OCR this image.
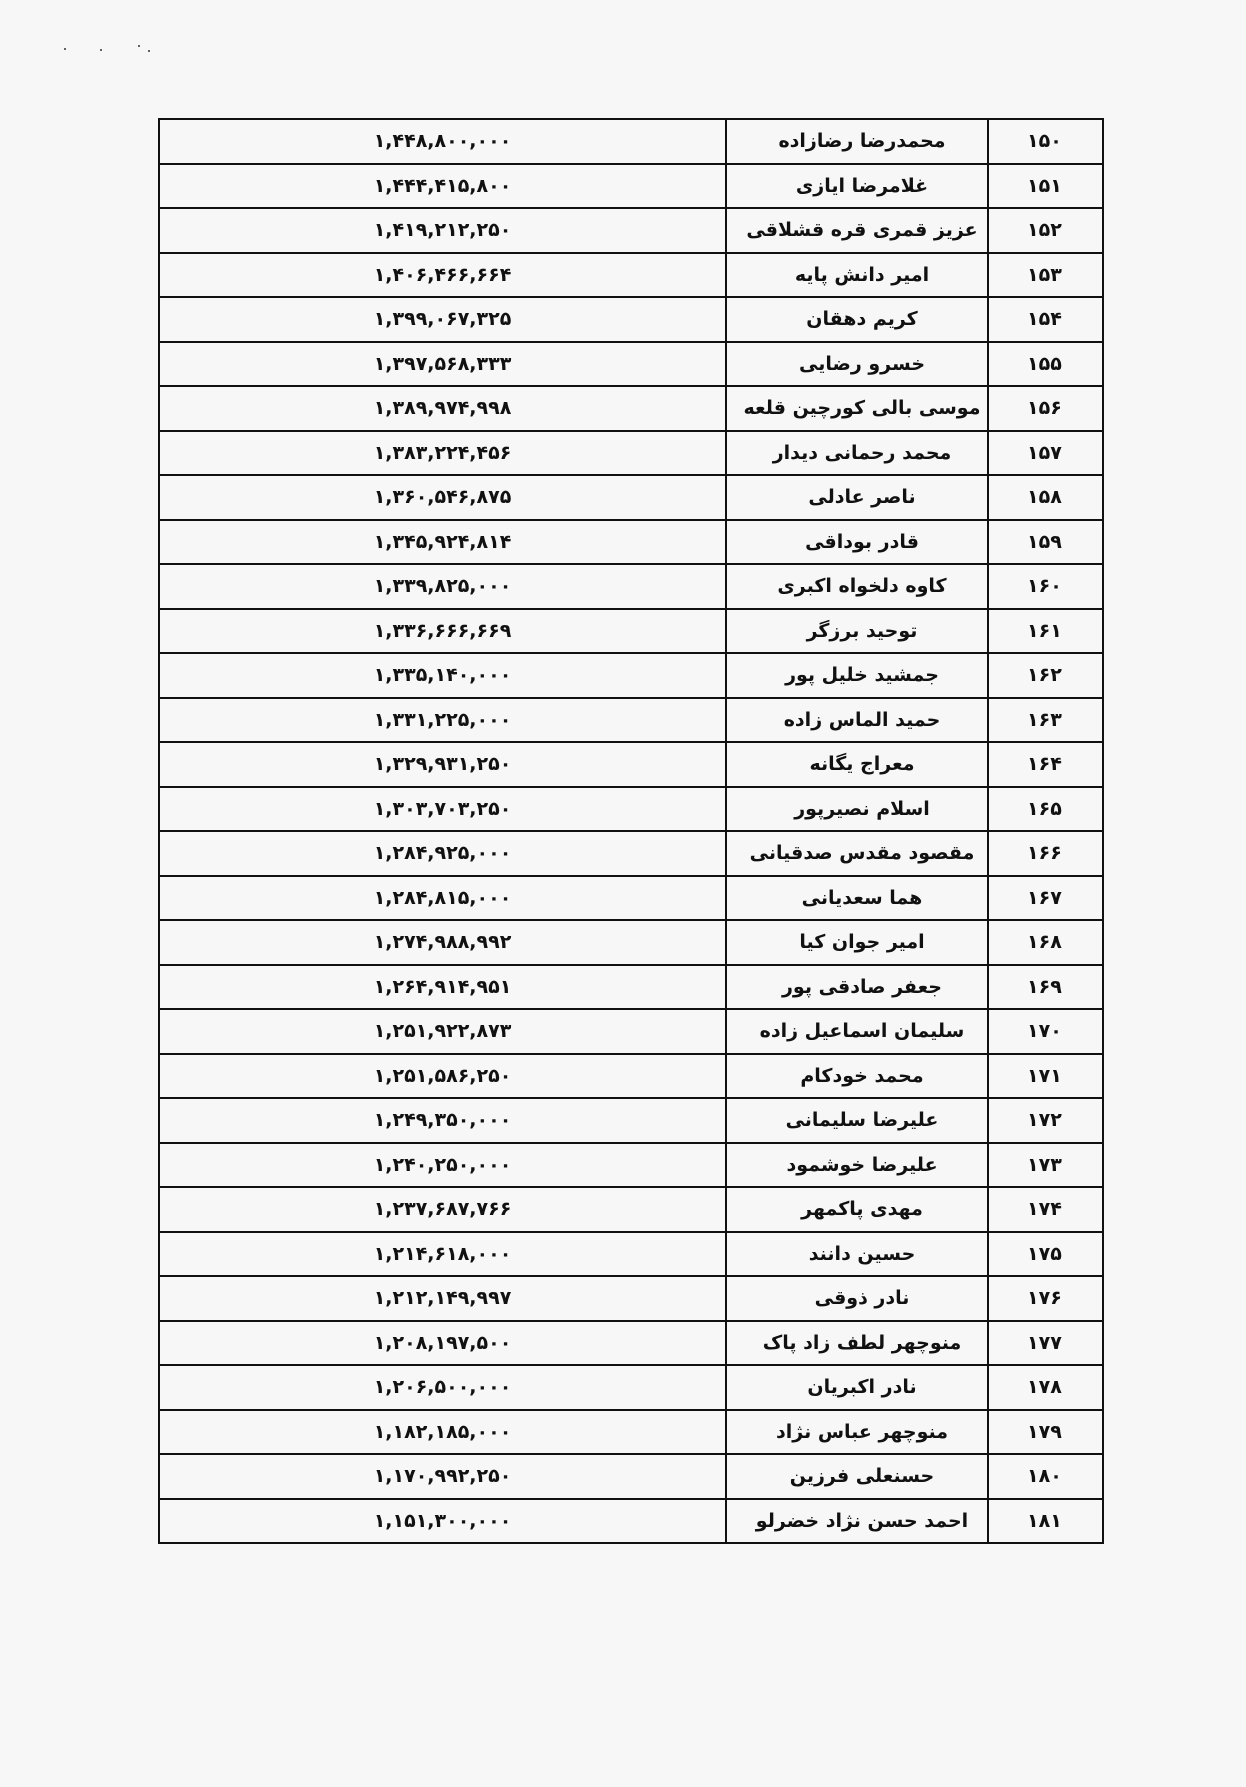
۱,۴۴۸,۸۰۰,۰۰۰	محمدرضا رضازاده	۱۵۰
۱,۴۴۴,۴۱۵,۸۰۰	غلامرضا ایازی	۱۵۱
۱,۴۱۹,۲۱۲,۲۵۰	عزیز قمری قره قشلاقی	۱۵۲
۱,۴۰۶,۴۶۶,۶۶۴	امیر دانش پایه	۱۵۳
۱,۳۹۹,۰۶۷,۳۲۵	کریم دهقان	۱۵۴
۱,۳۹۷,۵۶۸,۳۳۳	خسرو رضایی	۱۵۵
۱,۳۸۹,۹۷۴,۹۹۸	موسی بالی کورچین قلعه	۱۵۶
۱,۳۸۳,۲۲۴,۴۵۶	محمد رحمانی دیدار	۱۵۷
۱,۳۶۰,۵۴۶,۸۷۵	ناصر عادلی	۱۵۸
۱,۳۴۵,۹۲۴,۸۱۴	قادر بوداقی	۱۵۹
۱,۳۳۹,۸۲۵,۰۰۰	کاوه دلخواه اکبری	۱۶۰
۱,۳۳۶,۶۶۶,۶۶۹	توحید برزگر	۱۶۱
۱,۳۳۵,۱۴۰,۰۰۰	جمشید خلیل پور	۱۶۲
۱,۳۳۱,۲۲۵,۰۰۰	حمید الماس زاده	۱۶۳
۱,۳۲۹,۹۳۱,۲۵۰	معراج یگانه	۱۶۴
۱,۳۰۳,۷۰۳,۲۵۰	اسلام نصیرپور	۱۶۵
۱,۲۸۴,۹۲۵,۰۰۰	مقصود مقدس صدقیانی	۱۶۶
۱,۲۸۴,۸۱۵,۰۰۰	هما سعدیانی	۱۶۷
۱,۲۷۴,۹۸۸,۹۹۲	امیر جوان کیا	۱۶۸
۱,۲۶۴,۹۱۴,۹۵۱	جعفر صادقی پور	۱۶۹
۱,۲۵۱,۹۲۲,۸۷۳	سلیمان اسماعیل زاده	۱۷۰
۱,۲۵۱,۵۸۶,۲۵۰	محمد خودکام	۱۷۱
۱,۲۴۹,۳۵۰,۰۰۰	علیرضا سلیمانی	۱۷۲
۱,۲۴۰,۲۵۰,۰۰۰	علیرضا خوشمود	۱۷۳
۱,۲۳۷,۶۸۷,۷۶۶	مهدی پاکمهر	۱۷۴
۱,۲۱۴,۶۱۸,۰۰۰	حسین دانند	۱۷۵
۱,۲۱۲,۱۴۹,۹۹۷	نادر ذوقی	۱۷۶
۱,۲۰۸,۱۹۷,۵۰۰	منوچهر لطف زاد پاک	۱۷۷
۱,۲۰۶,۵۰۰,۰۰۰	نادر اکبریان	۱۷۸
۱,۱۸۲,۱۸۵,۰۰۰	منوچهر عباس نژاد	۱۷۹
۱,۱۷۰,۹۹۲,۲۵۰	حسنعلی فرزین	۱۸۰
۱,۱۵۱,۳۰۰,۰۰۰	احمد حسن نژاد خضرلو	۱۸۱
